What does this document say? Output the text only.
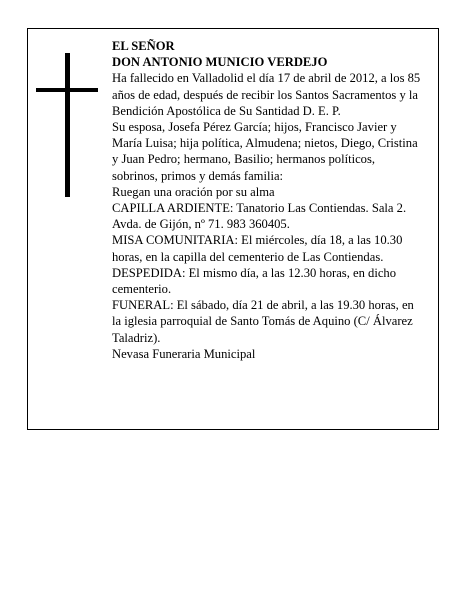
EL SEÑOR

DON ANTONIO MUNICIO VERDEJO

Ha fallecido en Valladolid el día 17 de abril de 2012, a los 85 años de edad, después de recibir los Santos Sacramentos y la Bendición Apostólica de Su Santidad D. E. P.

Su esposa, Josefa Pérez García; hijos, Francisco Javier y María Luisa; hija política, Almudena; nietos, Diego, Cristina y Juan Pedro; hermano, Basilio; hermanos políticos, sobrinos, primos y demás familia:

Ruegan una oración por su alma

CAPILLA ARDIENTE: Tanatorio Las Contiendas. Sala 2. Avda. de Gijón, nº 71. 983 360405.

MISA COMUNITARIA: El miércoles, día 18, a las 10.30 horas, en la capilla del cementerio de Las Contiendas.

DESPEDIDA: El mismo día, a las 12.30 horas, en dicho cementerio.

FUNERAL: El sábado, día 21 de abril, a las 19.30 horas, en la iglesia parroquial de Santo Tomás de Aquino (C/ Álvarez Taladriz).

Nevasa Funeraria Municipal
